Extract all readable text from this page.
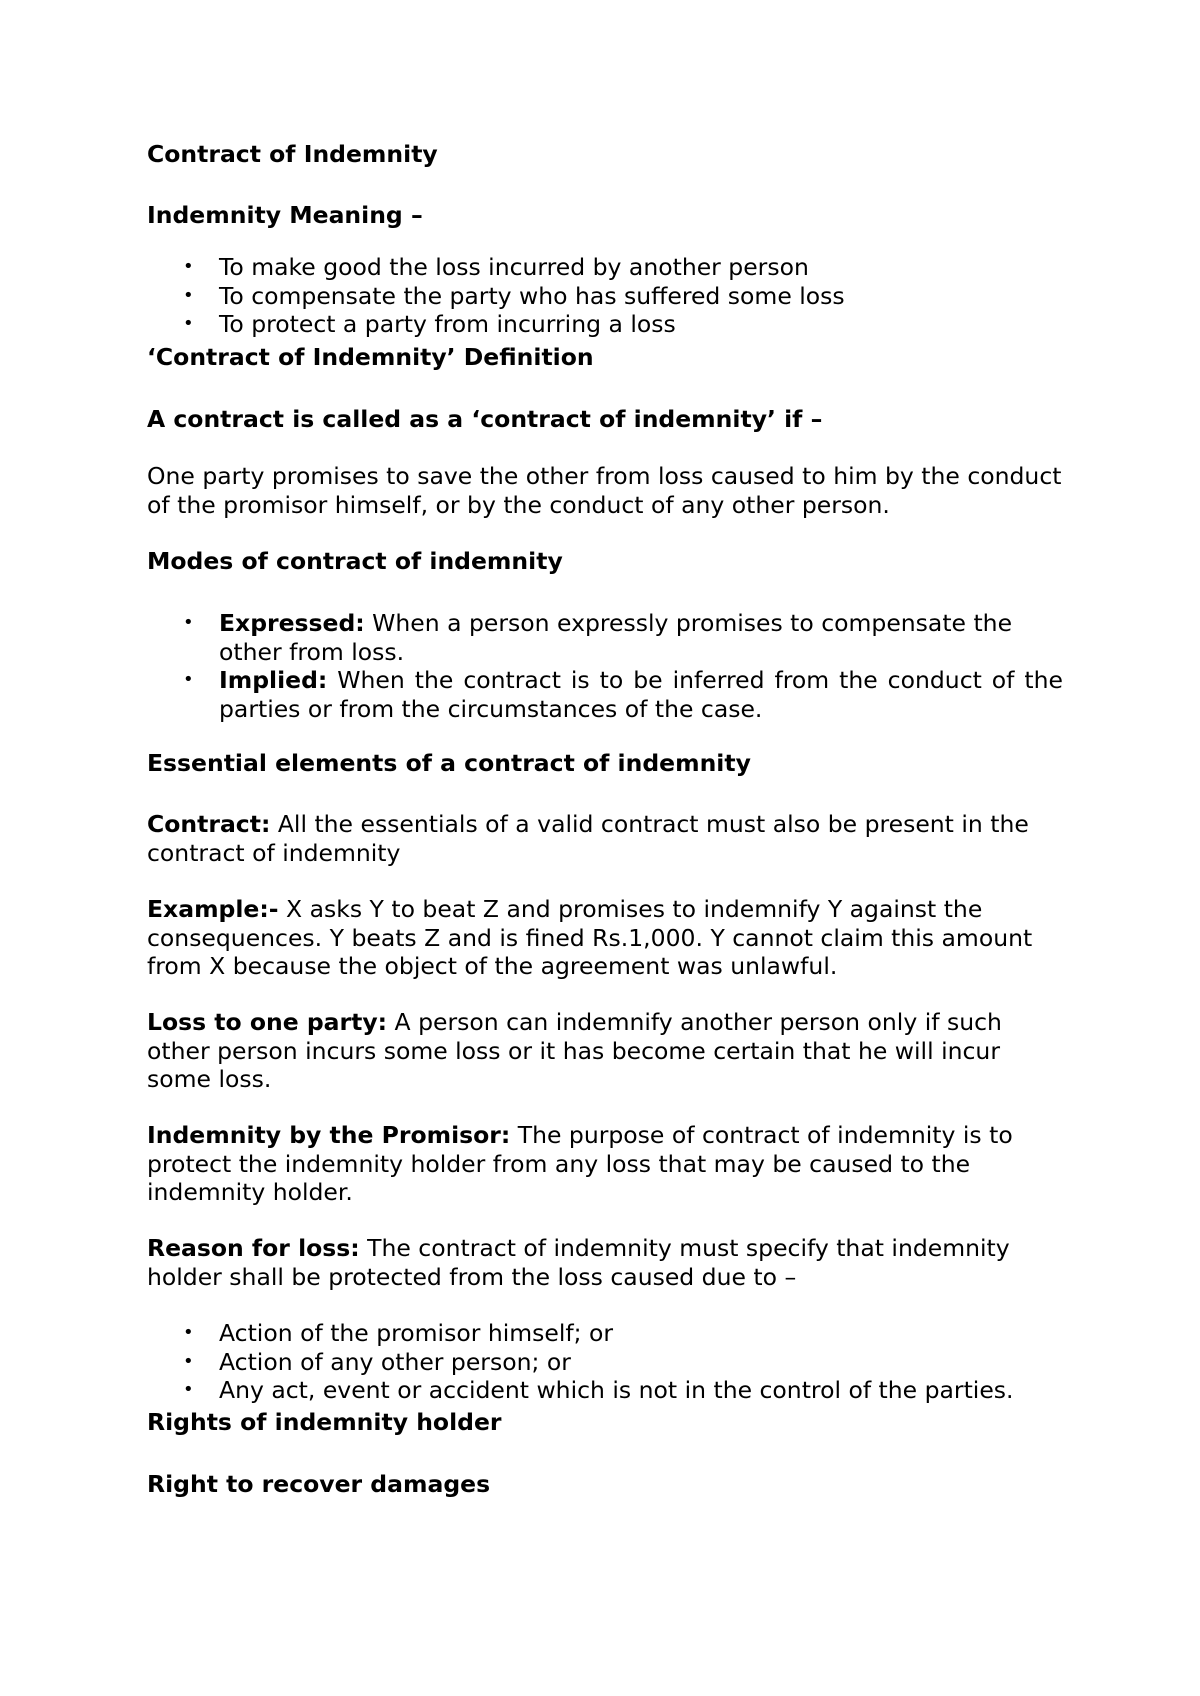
Contract of Indemnity
Indemnity Meaning –
• To make good the loss incurred by another person
• To compensate the party who has suffered some loss
• To protect a party from incurring a loss
‘Contract of Indemnity’ Definition
A contract is called as a ‘contract of indemnity’ if –

One party promises to save the other from loss caused to him by the conduct of the promisor himself, or by the conduct of any other person.

Modes of contract of indemnity
• Expressed: When a person expressly promises to compensate the other from loss.
• Implied: When the contract is to be inferred from the conduct of the parties or from the circumstances of the case.
Essential elements of a contract of indemnity

Contract: All the essentials of a valid contract must also be present in the contract of indemnity

Example:- X asks Y to beat Z and promises to indemnify Y against the consequences. Y beats Z and is fined Rs.1,000. Y cannot claim this amount from X because the object of the agreement was unlawful.

Loss to one party: A person can indemnify another person only if such other person incurs some loss or it has become certain that he will incur some loss.

Indemnity by the Promisor: The purpose of contract of indemnity is to protect the indemnity holder from any loss that may be caused to the indemnity holder.

Reason for loss: The contract of indemnity must specify that indemnity holder shall be protected from the loss caused due to –

• Action of the promisor himself; or
• Action of any other person; or
• Any act, event or accident which is not in the control of the parties.
Rights of indemnity holder
Right to recover damages
